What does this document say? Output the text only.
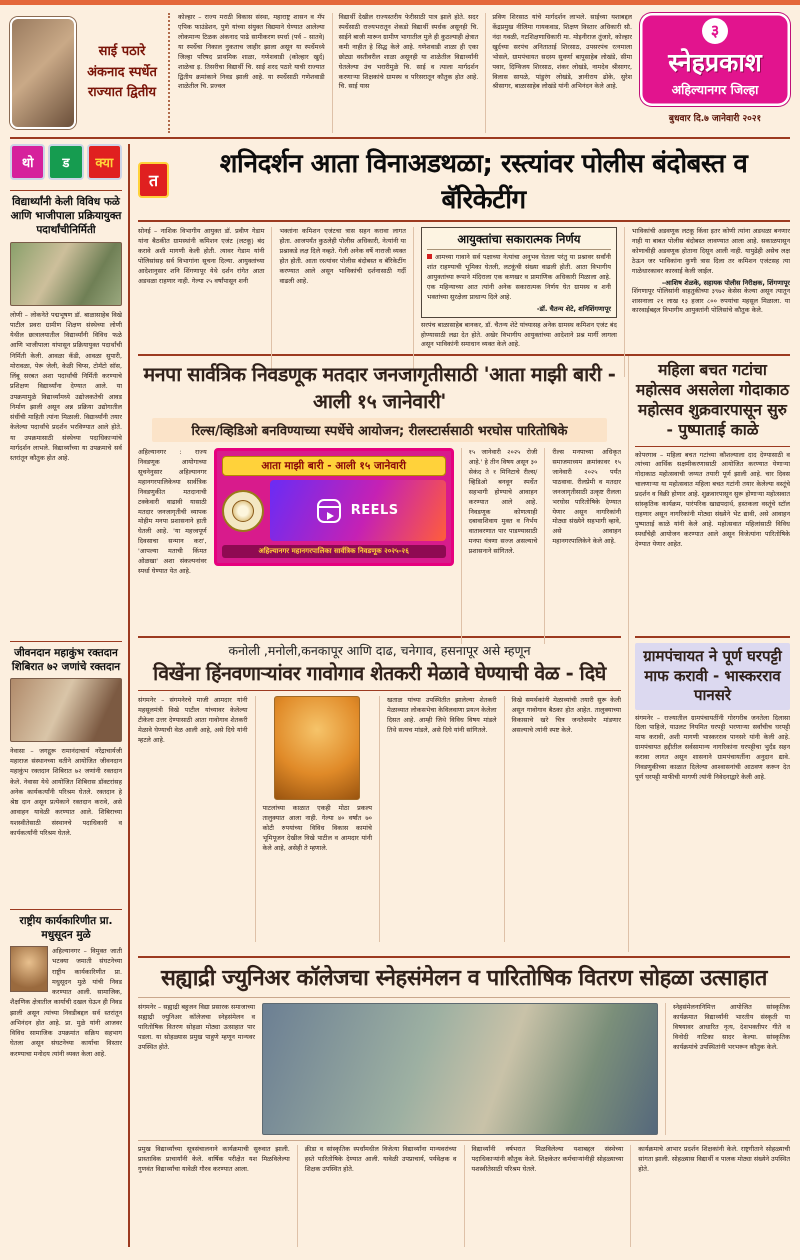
साई पठारे अंकनाद स्पर्धेत राज्यात द्वितीय

कोल्हार – राज्य मराठी विकास संस्था, महाराष्ट्र शासन व मॅप एपिक फाउंडेशन, पुणे यांच्या संयुक्त विद्यमाने घेण्यात आलेल्या लोकमान्य टिळक अंकनाद पाढे सामीकरण स्पर्धा (पर्व – सातवे) या स्पर्धेचा निकाल नुकताच जाहीर झाला असून या स्पर्धेमध्ये जिल्हा परिषद प्राथमिक शाळा, गणेशवाडी (कोल्हार खुर्द) शाळेचा इ. तिसरीचा विद्यार्थी चि. साई शरद पठारे याची राज्यात द्वितीय क्रमांकाने निवड झाली आहे. या स्पर्धेसाठी गणेशवाडी शाळेतील चि. प्रज्वल

विद्यार्थी देखील राज्यस्तरीय फेरीसाठी पात्र झाले होते. सदर स्पर्धेसाठी राज्यभरातून शेकडो विद्यार्थी स्पर्धक असूनही चि. साईने बाजी मारून ग्रामीण भागातील मुले ही कुठल्याही क्षेत्रात कमी नाहीत हे सिद्ध केले आहे. गणेशवाडी शाळा ही एका छोट्या वस्तीवरील शाळा असूनही या शाळेतील विद्यार्थ्यांनी घेतलेल्या उंच भरारीमुळे चि. साई व त्याला मार्गदर्शन करणाऱ्या शिक्षकांचे ग्रामस्थ व परिसरातून कौतुक होत आहे. चि. साई यास

प्रविण शिरसाठ यांचे मार्गदर्शन लाभले. साईच्या यशाबद्दल केंद्रप्रमुख नीलिमा गायकवाड, शिक्षण विस्तार अधिकारी सौ. नंदा गवळी, गटशिक्षणाधिकारी मा. मोइनीराज तुंजारे, कोल्हार खुर्दच्या सरपंच अनिताताई शिरसाठ, उपसरपंच रत्नमाला भोसले, ग्रामपंचायत सदस्य सुवर्णा बापूसाहेब लोखंडे, सीमा पवार, दिग्विजय शिरसाठ, शंकर लोखंडे, नामदेव श्रीसागर, विलास सायळे, पांडुरंग लोखंडे, ज्ञानीराय ढोके, सुरेश श्रीसागर, बाळासाहेब लोखंडे यांनी अभिनंदन केले आहे.

३
स्नेहप्रकाश
अहिल्यानगर जिल्हा
बुधवार दि.७ जानेवारी २०२१
थो	ड	क्या
विद्यार्थ्यांनी केली विविध फळे आणि भाजीपाला प्रक्रियायुक्त पदार्थांचीनिर्मिती

लोणी – लोकनेते पद्मभूषण डॉ. बाळासाहेब विखे पाटील प्रवरा ग्रामीण शिक्षण संस्थेच्या लोणी येथील छात्रालयातील विद्यार्थ्यांनी विविध फळे आणि भाजीपाला यांपासून प्रक्रियायुक्त पदार्थांची निर्मिती केली. आवळा कँडी, आवळा सुपारी, मोरावळा, पेरू जेली, केळी चिप्स, टोमॅटो सॉस, लिंबू सरबत अशा पदार्थांची निर्मिती करण्याचे प्रशिक्षण विद्यार्थ्यांना देण्यात आले. या उपक्रमामुळे विद्यार्थ्यांमध्ये उद्योजकतेची आवड निर्माण झाली असून अन्न प्रक्रिया उद्योगातील संधींची माहिती त्यांना मिळाली. विद्यार्थ्यांनी तयार केलेल्या पदार्थांचे प्रदर्शन भरविण्यात आले होते. या उपक्रमासाठी संस्थेच्या पदाधिकाऱ्यांचे मार्गदर्शन लाभले. विद्यार्थ्यांच्या या उपक्रमाचे सर्व स्तरांतून कौतुक होत आहे.

जीवनदान महाकुंभ रक्तदान शिबिरात ७२ जणांचे रक्तदान

नेवासा – जगद्गुरू रामानंदाचार्य नरेंद्राचार्यजी महाराज संस्थानच्या वतीने आयोजित जीवनदान महाकुंभ रक्तदान शिबिरात ७२ जणांनी रक्तदान केले. नेवासा येथे आयोजित शिबिरास डॉक्टरांसह अनेक कार्यकर्त्यांनी परिश्रम घेतले. रक्तदान हे श्रेष्ठ दान असून प्रत्येकाने रक्तदान करावे, असे आवाहन यावेळी करण्यात आले. शिबिराच्या यशस्वीतेसाठी संस्थानचे पदाधिकारी व कार्यकर्त्यांनी परिश्रम घेतले.

राष्ट्रीय कार्यकारिणीत प्रा. मधुसूदन मुळे
अहिल्यानगर – विमुक्त जाती भटक्या जमाती संघटनेच्या राष्ट्रीय कार्यकारिणीत प्रा. मधुसूदन मुळे यांची निवड करण्यात आली. सामाजिक, शैक्षणिक क्षेत्रातील कार्याची दखल घेऊन ही निवड झाली असून त्यांच्या निवडीबद्दल सर्व स्तरांतून अभिनंदन होत आहे. प्रा. मुळे यांनी आजवर विविध सामाजिक उपक्रमांत सक्रिय सहभाग घेतला असून संघटनेच्या कार्याचा विस्तार करण्याचा मनोदय त्यांनी व्यक्त केला आहे.
त
शनिदर्शन आता विनाअडथळा; रस्त्यांवर पोलीस बंदोबस्त व बॅरिकेटींग

सोनई – नाशिक विभागीय आयुक्त डॉ. प्रवीण गेडाम यांना बैठकीत ग्रामस्थांनी कमिशन एजंट (लटकू) बंद करावे अशी मागणी केली होती. त्यावर गेडाम यांनी पोलिसांसह सर्व विभागांना सूचना दिल्या. आयुक्तांच्या आदेशानुसार शनि शिंगणापूर येथे दर्शन रांगेत आता अडथळा राहणार नाही. गेल्या २५ वर्षांपासून शनी

भक्तांना कमिशन एजंटचा त्रास सहन करावा लागत होता. आजपर्यंत कुठलेही पोलीस अधिकारी, नेत्यांनी या प्रश्नाकडे लक्ष दिले नव्हते. गेली अनेक वर्षे नाराजी व्यक्त होत होती. आता रस्त्यांवर पोलीस बंदोबस्त व बॅरिकेटींग करण्यात आले असून भाविकांची दर्शनासाठी गर्दी वाढली आहे.

आयुक्तांचा सकारात्मक निर्णय

आमच्या गावाने सर्व पक्षाच्या नेत्यांचा अनुभव घेतला परंतु या प्रश्नावर सर्वांनी शांत राहण्याची भूमिका घेतली, लटकूंची संख्या वाढली होती. आता विभागीय आयुक्तांच्या रूपाने मंदिराला एक कणखर व प्रामाणिक अधिकारी मिळाला आहे. एक महिन्याच्या आत त्यांनी अनेक सकारात्मक निर्णय घेत ग्रामस्थ व शनी भक्तांच्या सुरक्षेला प्राधान्य दिले आहे.

-डॉ. चैतन्य शेटे, शनिशिंगणापूर

सरपंच बाळासाहेब बानकर, डॉ. चैतन्य शेटे यांच्यासह अनेक ग्रामस्थ कमिशन एजंट बंद होण्यासाठी लढा देत होते. अखेर विभागीय आयुक्तांच्या आदेशाने प्रश्न मार्गी लागला असून भाविकांनी समाधान व्यक्त केले आहे.

भाविकांची अडवणूक लटकू किंवा इतर कोणी त्यांना अडथळा बनणार नाही या बाबत पोलीस बंदोबस्त लावण्यात आला आहे. सकाळपासून कोणाचीही अडवणूक होताना दिसून आली नाही. यापुढेही असेच लक्ष ठेऊन जर भाविकांना कुणी त्रास दिला तर कमिशन एजंटसह त्या गाळेधारकावर कारवाई केली जाईल.

–आशिष शेळके, सहायक पोलीस निरीक्षक, शिंगणापूर

शिंगणापूर पोलिसांनी वाहतुकीच्या ३९७२ केसेस केल्या असून त्यातून शासनाला २१ लाख १३ हजार ८०० रुपयांचा महसूल मिळाला. या कारवाईबद्दल विभागीय आयुक्तांनी पोलिसांचे कौतुक केले.

मनपा सार्वत्रिक निवडणूक मतदार जनजागृतीसाठी 'आता माझी बारी - आली १५ जानेवारी'
रिल्स/व्हिडिओ बनविण्याच्या स्पर्धेचे आयोजन; रीलस्टार्ससाठी भरघोस पारितोषिके

अहिल्यानगर : राज्य निवडणूक आयोगाच्या सूचनेनुसार अहिल्यानगर महानगरपालिकेच्या सार्वत्रिक निवडणुकीत मतदानाची टक्केवारी वाढावी यासाठी मतदार जनजागृतीची व्यापक मोहीम मनपा प्रशासनाने हाती घेतली आहे. 'या महत्त्वपूर्ण दिवसाचा सन्मान करा', 'आपल्या मताची किंमत ओळखा' अशा संकल्पनांवर स्पर्धा घेण्यात येत आहे.

आता माझी बारी - आली १५ जानेवारी
REELS
अहिल्यानगर महानगरपालिका सार्वत्रिक निवडणूक २०२५-२६

१५ जानेवारी २०२५ रोजी आहे.' हे तीन विषय असून ३० सेकंद ते १ मिनिटाचे रील्स/व्हिडिओ बनवून स्पर्धेत सहभागी होण्याचे आवाहन करण्यात आले आहे. निवडणूक कोणत्याही दबावाशिवाय मुक्त व निर्भय वातावरणात पार पाडण्यासाठी मनपा यंत्रणा सज्ज असल्याचे प्रशासनाने सांगितले.

रील्स मनपाच्या अधिकृत समाजमाध्यम क्रमांकावर १५ जानेवारी २०२५ पर्यंत पाठवावा. रीलप्रेमी व मतदार जनजागृतीसाठी उत्कृष्ट रीलला भरघोस पारितोषिके देण्यात येणार असून नागरिकांनी मोठ्या संख्येने सहभागी व्हावे, असे आवाहन महानगरपालिकेने केले आहे.

कनोली ,मनोली,कनकापूर आणि दाढ, चनेगाव, हसनापूर असे म्हणून
विखेंना हिंनवणाऱ्यांवर गावोगाव शेतकरी मेळावे घेण्याची वेळ - दिघे

संगमनेर – संगमनेरचे माजी आमदार यांनी महसूलमंत्री विखे पाटील यांच्यावर केलेल्या टीकेला उत्तर देण्यासाठी आता गावोगाव शेतकरी मेळावे घेण्याची वेळ आली आहे, असे दिघे यांनी म्हटले आहे.

पाटलांच्या काळात एकही मोठा प्रकल्प तालुक्यात आला नाही. गेल्या ४० वर्षांत ७० कोटी रुपयांच्या विविध विकास कामांचे भूमिपूजन देखील विखे पाटील व आमदार यांनी केले आहे, असेही ते म्हणाले.

खताळ यांच्या उपस्थितीत झालेल्या शेतकरी मेळाव्यात लोकसभेचा केविलवाणा प्रयत्न केलेला दिसत आहे. आम्ही जिथे विविध विषय मांडले तिथे सत्यच मांडले, असे दिघे यांनी सांगितले.

विखे समर्थकांनी मेळाव्यांची तयारी सुरू केली असून गावोगाव बैठका होत आहेत. तालुक्याच्या विकासाचे खरे चित्र जनतेसमोर मांडणार असल्याचे त्यांनी स्पष्ट केले.

महिला बचत गटांचा महोत्सव असलेला गोदाकाठ महोत्सव शुक्रवारपासून सुरु - पुष्पाताई काळे

कोपरगाव – महिला बचत गटांच्या कौशल्याला दाद देण्यासाठी व त्यांच्या आर्थिक सक्षमीकरणासाठी आयोजित करण्यात येणाऱ्या गोदाकाठ महोत्सवाची जय्यत तयारी पूर्ण झाली आहे. चार दिवस चालणाऱ्या या महोत्सवात महिला बचत गटांनी तयार केलेल्या वस्तूंचे प्रदर्शन व विक्री होणार आहे. शुक्रवारपासून सुरू होणाऱ्या महोत्सवात सांस्कृतिक कार्यक्रम, पारंपरिक खाद्यपदार्थ, हस्तकला वस्तूंचे स्टॉल राहणार असून नागरिकांनी मोठ्या संख्येने भेट द्यावी, असे आवाहन पुष्पाताई काळे यांनी केले आहे. महोत्सवात महिलांसाठी विविध स्पर्धांचेही आयोजन करण्यात आले असून विजेत्यांना पारितोषिके देण्यात येणार आहेत.

ग्रामपंचायत ने पूर्ण घरपट्टी माफ करावी - भास्करराव पानसरे

संगमनेर – राज्यातील ग्रामपंचायतींनी गोरगरीब जनतेला दिलासा दिला पाहिजे, याउलट नियमित घरपट्टी भरणाऱ्या सर्वांचीच घरपट्टी माफ करावी, अशी मागणी भास्करराव पानसरे यांनी केली आहे. ग्रामपंचायत हद्दीतील सर्वसामान्य नागरिकांना घरपट्टीचा भुर्दंड सहन करावा लागत असून शासनाने ग्रामपंचायतींना अनुदान द्यावे. निवडणुकीच्या काळात दिलेल्या आश्वासनांची आठवण करून देत पूर्ण घरपट्टी माफीची मागणी त्यांनी निवेदनाद्वारे केली आहे.

सह्याद्री ज्युनिअर कॉलेजचा स्नेहसंमेलन व पारितोषिक वितरण सोहळा उत्साहात

संगमनेर – सह्याद्री बहुजन विद्या प्रसारक समाजाच्या सह्याद्री ज्युनिअर कॉलेजचा स्नेहसंमेलन व पारितोषिक वितरण सोहळा मोठ्या उत्साहात पार पडला. या सोहळ्यास प्रमुख पाहुणे म्हणून मान्यवर उपस्थित होते.

स्नेहसंमेलनानिमित्त आयोजित सांस्कृतिक कार्यक्रमात विद्यार्थ्यांनी भारतीय संस्कृती या विषयावर आधारित नृत्य, देशभक्तीपर गीते व विनोदी नाटिका सादर केल्या. सांस्कृतिक कार्यक्रमांचे उपस्थितांनी भरभरून कौतुक केले.

प्रमुख विद्यार्थ्यांच्या सूत्रसंचालनाने कार्यक्रमाची सुरुवात झाली. प्रास्ताविक प्राचार्यांनी केले. वार्षिक परीक्षेत यश मिळविलेल्या गुणवंत विद्यार्थ्यांचा यावेळी गौरव करण्यात आला.

क्रीडा व सांस्कृतिक स्पर्धांमधील विजेत्या विद्यार्थ्यांना मान्यवरांच्या हस्ते पारितोषिके देण्यात आली. यावेळी उपप्राचार्य, पर्यवेक्षक व शिक्षक उपस्थित होते.

विद्यार्थ्यांनी वर्षभरात मिळविलेल्या यशाबद्दल संस्थेच्या पदाधिकाऱ्यांनी कौतुक केले. शिक्षकेतर कर्मचाऱ्यांनीही सोहळ्याच्या यशस्वीतेसाठी परिश्रम घेतले.

कार्यक्रमाचे आभार प्रदर्शन शिक्षकांनी केले. राष्ट्रगीताने सोहळ्याची सांगता झाली. सोहळ्यास विद्यार्थी व पालक मोठ्या संख्येने उपस्थित होते.
